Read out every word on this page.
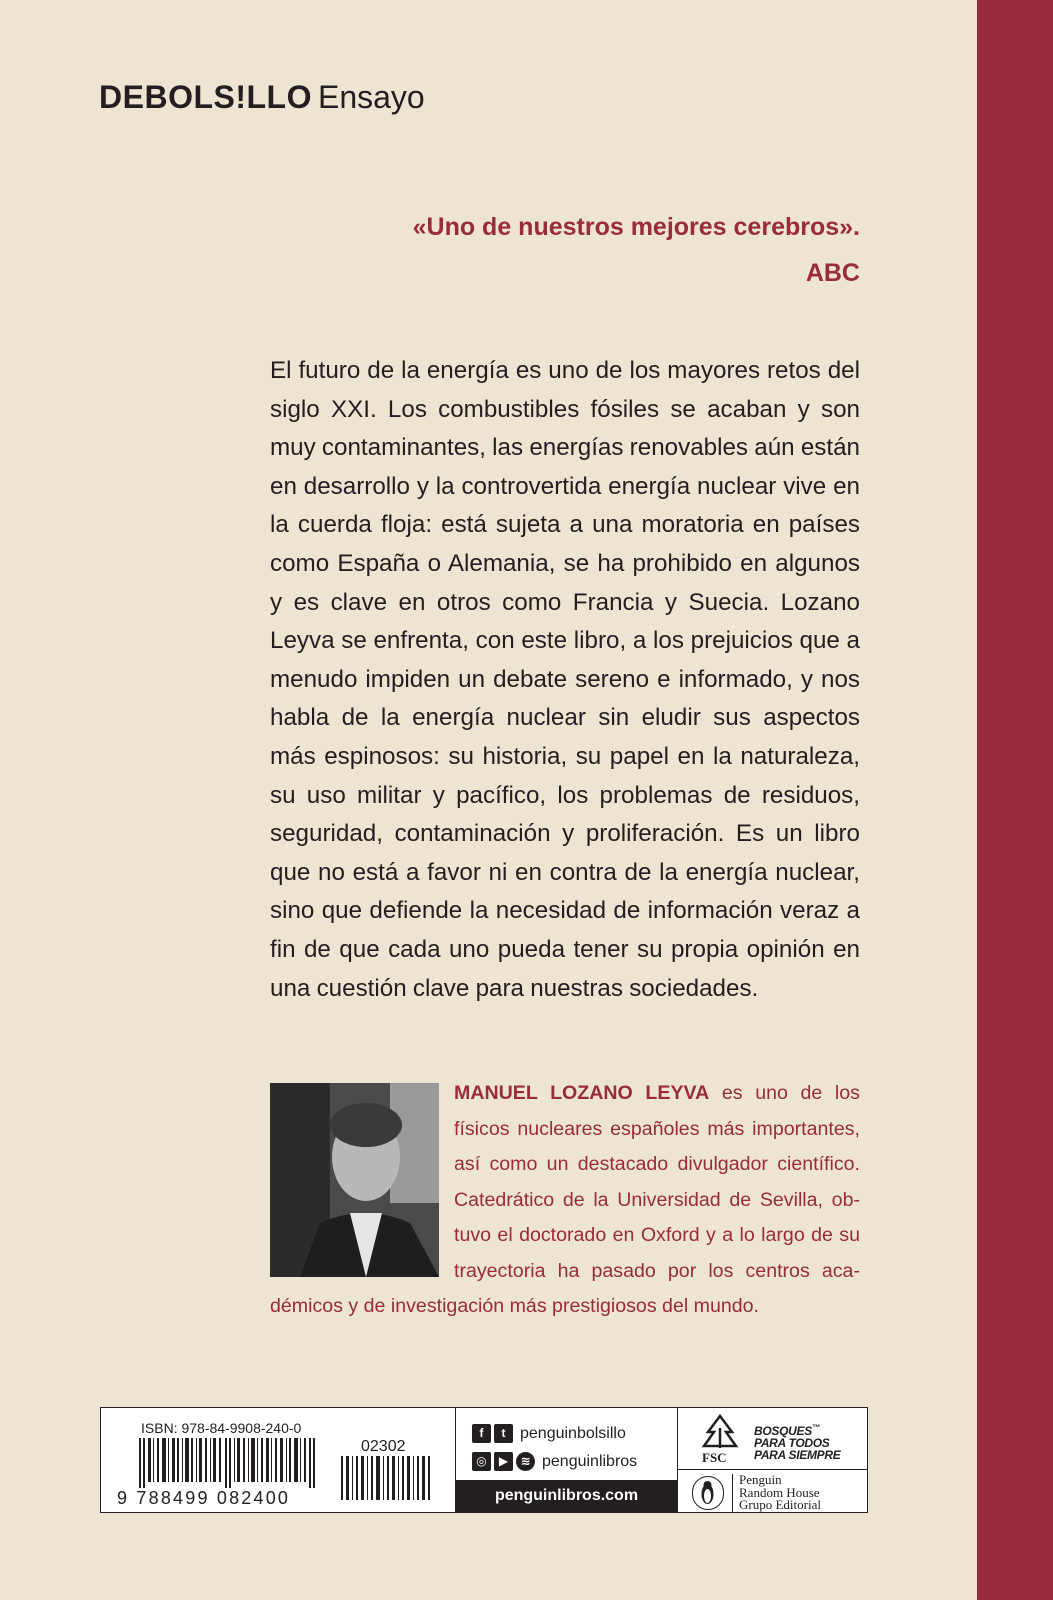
DEBOLS!LLO Ensayo
«Uno de nuestros mejores cerebros».
ABC
El futuro de la energía es uno de los mayores retos del siglo XXI. Los combustibles fósiles se acaban y son muy contaminantes, las energías renovables aún están en desarrollo y la controvertida energía nuclear vive en la cuerda floja: está sujeta a una moratoria en países como España o Alemania, se ha prohibido en algunos y es clave en otros como Francia y Suecia. Lozano Leyva se enfrenta, con este libro, a los prejuicios que a menudo impiden un debate sereno e informado, y nos habla de la energía nuclear sin eludir sus aspectos más espinosos: su historia, su papel en la naturaleza, su uso militar y pacífico, los problemas de residuos, seguridad, contaminación y proliferación. Es un libro que no está a favor ni en contra de la energía nuclear, sino que defiende la necesidad de información veraz a fin de que cada uno pueda tener su propia opinión en una cuestión clave para nuestras sociedades.
MANUEL LOZANO LEYVA es uno de los físicos nucleares españoles más importantes, así como un destacado divulgador científico. Catedrático de la Universidad de Sevilla, obtuvo el doctorado en Oxford y a lo largo de su trayectoria ha pasado por los centros académicos y de investigación más prestigiosos del mundo.
ISBN: 978-84-9908-240-0
02302
9 788499 082400
f	t penguinbolsillo
◎	▶	≋ penguinlibros
penguinlibros.com
FSC
BOSQUES™
PARA TODOS
PARA SIEMPRE
Penguin
Random House
Grupo Editorial
